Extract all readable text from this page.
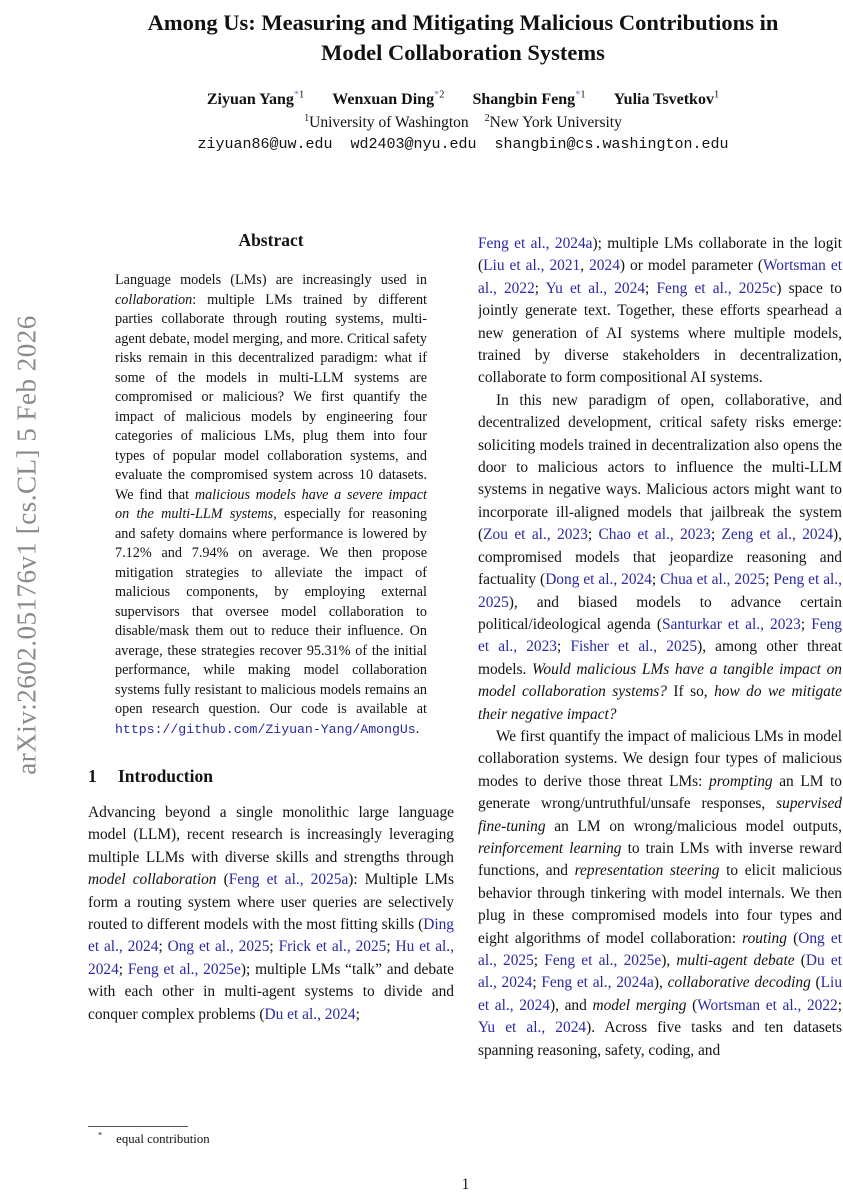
arXiv:2602.05176v1 [cs.CL] 5 Feb 2026
Among Us: Measuring and Mitigating Malicious Contributions in
Model Collaboration Systems
Ziyuan Yang$^{*1}$ Wenxuan Ding$^{*2}$ Shangbin Feng$^{*1}$ Yulia Tsvetkov$^1$
$^1$University of Washington $^2$New York University
ziyuan86@uw.edu  wd2403@nyu.edu  shangbin@cs.washington.edu
Abstract
Language models (LMs) are increasingly used in collaboration: multiple LMs trained by different parties collaborate through routing systems, multi-agent debate, model merging, and more. Critical safety risks remain in this decentralized paradigm: what if some of the models in multi-LLM systems are compromised or malicious? We first quantify the impact of malicious models by engineering four categories of malicious LMs, plug them into four types of popular model collaboration systems, and evaluate the compromised system across 10 datasets. We find that malicious models have a severe impact on the multi-LLM systems, especially for reasoning and safety domains where performance is lowered by 7.12% and 7.94% on average. We then propose mitigation strategies to alleviate the impact of malicious components, by employing external supervisors that oversee model collaboration to disable/mask them out to reduce their influence. On average, these strategies recover 95.31% of the initial performance, while making model collaboration systems fully resistant to malicious models remains an open research question. Our code is available at https://github.com/Ziyuan-Yang/AmongUs.
1 Introduction
Advancing beyond a single monolithic large language model (LLM), recent research is increasingly leveraging multiple LLMs with diverse skills and strengths through model collaboration (Feng et al., 2025a): Multiple LMs form a routing system where user queries are selectively routed to different models with the most fitting skills (Ding et al., 2024; Ong et al., 2025; Frick et al., 2025; Hu et al., 2024; Feng et al., 2025e); multiple LMs “talk” and debate with each other in multi-agent systems to divide and conquer complex problems (Du et al., 2024;

Feng et al., 2024a); multiple LMs collaborate in the logit (Liu et al., 2021, 2024) or model parameter (Wortsman et al., 2022; Yu et al., 2024; Feng et al., 2025c) space to jointly generate text. Together, these efforts spearhead a new generation of AI systems where multiple models, trained by diverse stakeholders in decentralization, collaborate to form compositional AI systems.

In this new paradigm of open, collaborative, and decentralized development, critical safety risks emerge: soliciting models trained in decentralization also opens the door to malicious actors to influence the multi-LLM systems in negative ways. Malicious actors might want to incorporate ill-aligned models that jailbreak the system (Zou et al., 2023; Chao et al., 2023; Zeng et al., 2024), compromised models that jeopardize reasoning and factuality (Dong et al., 2024; Chua et al., 2025; Peng et al., 2025), and biased models to advance certain political/ideological agenda (Santurkar et al., 2023; Feng et al., 2023; Fisher et al., 2025), among other threat models. Would malicious LMs have a tangible impact on model collaboration systems? If so, how do we mitigate their negative impact?

We first quantify the impact of malicious LMs in model collaboration systems. We design four types of malicious modes to derive those threat LMs: prompting an LM to generate wrong/untruthful/unsafe responses, supervised fine-tuning an LM on wrong/malicious model outputs, reinforcement learning to train LMs with inverse reward functions, and representation steering to elicit malicious behavior through tinkering with model internals. We then plug in these compromised models into four types and eight algorithms of model collaboration: routing (Ong et al., 2025; Feng et al., 2025e), multi-agent debate (Du et al., 2024; Feng et al., 2024a), collaborative decoding (Liu et al., 2024), and model merging (Wortsman et al., 2022; Yu et al., 2024). Across five tasks and ten datasets spanning reasoning, safety, coding, and

* equal contribution
1
